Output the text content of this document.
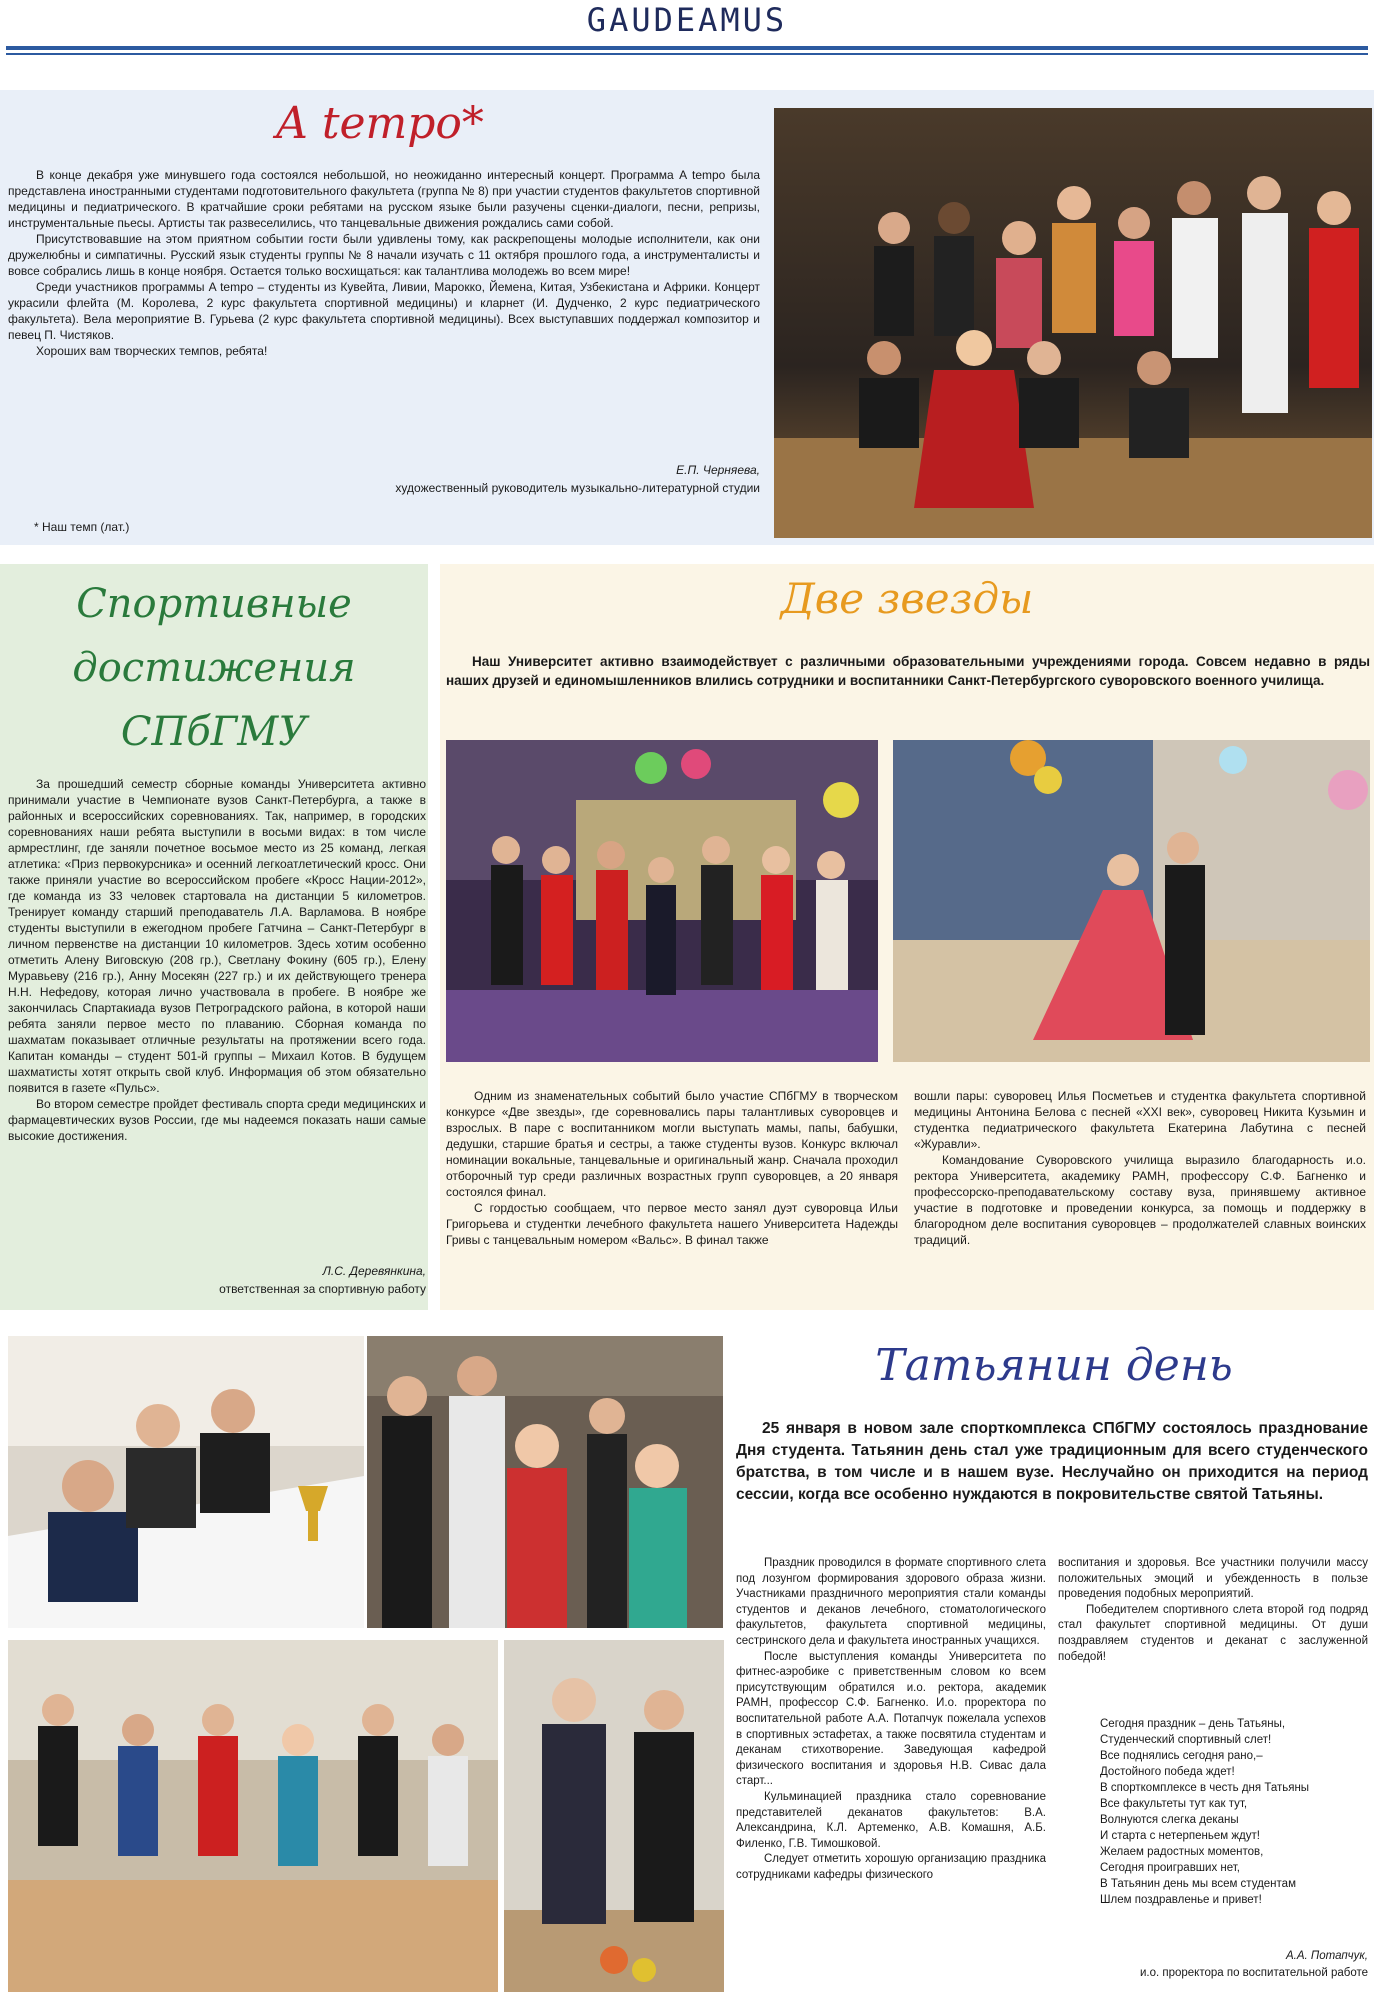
GAUDEAMUS
A tempo*

В конце декабря уже минувшего года состоялся небольшой, но неожиданно интересный концерт. Программа A tempo была представлена иностранными студентами подготовительного факультета (группа № 8) при участии студентов факультетов спортивной медицины и педиатрического. В кратчайшие сроки ребятами на русском языке были разучены сценки-диалоги, песни, репризы, инструментальные пьесы. Артисты так развеселились, что танцевальные движения рождались сами собой.

Присутствовавшие на этом приятном событии гости были удивлены тому, как раскрепощены молодые исполнители, как они дружелюбны и симпатичны. Русский язык студенты группы № 8 начали изучать с 11 октября прошлого года, а инструменталисты и вовсе собрались лишь в конце ноября. Остается только восхищаться: как талантлива молодежь во всем мире!

Среди участников программы A tempo – студенты из Кувейта, Ливии, Марокко, Йемена, Китая, Узбекистана и Африки. Концерт украсили флейта (М. Королева, 2 курс факультета спортивной медицины) и кларнет (И. Дудченко, 2 курс педиатрического факультета). Вела мероприятие В. Гурьева (2 курс факультета спортивной медицины). Всех выступавших поддержал композитор и певец П. Чистяков.

Хороших вам творческих темпов, ребята!

Е.П. Черняева,
художественный руководитель музыкально-литературной студии
* Наш темп (лат.)
Спортивные
достижения
СПбГМУ

За прошедший семестр сборные команды Университета активно принимали участие в Чемпионате вузов Санкт-Петербурга, а также в районных и всероссийских соревнованиях. Так, например, в городских соревнованиях наши ребята выступили в восьми видах: в том числе армрестлинг, где заняли почетное восьмое место из 25 команд, легкая атлетика: «Приз первокурсника» и осенний легкоатлетический кросс. Они также приняли участие во всероссийском пробеге «Кросс Нации-2012», где команда из 33 человек стартовала на дистанции 5 километров. Тренирует команду старший преподаватель Л.А. Варламова. В ноябре студенты выступили в ежегодном пробеге Гатчина – Санкт-Петербург в личном первенстве на дистанции 10 километров. Здесь хотим особенно отметить Алену Виговскую (208 гр.), Светлану Фокину (605 гр.), Елену Муравьеву (216 гр.), Анну Мосекян (227 гр.) и их действующего тренера Н.Н. Нефедову, которая лично участвовала в пробеге. В ноябре же закончилась Спартакиада вузов Петроградского района, в которой наши ребята заняли первое место по плаванию. Сборная команда по шахматам показывает отличные результаты на протяжении всего года. Капитан команды – студент 501-й группы – Михаил Котов. В будущем шахматисты хотят открыть свой клуб. Информация об этом обязательно появится в газете «Пульс».

Во втором семестре пройдет фестиваль спорта среди медицинских и фармацевтических вузов России, где мы надеемся показать наши самые высокие достижения.

Л.С. Деревянкина,
ответственная за спортивную работу
Две звезды
Наш Университет активно взаимодействует с различными образовательными учреждениями города. Совсем недавно в ряды наших друзей и единомышленников влились сотрудники и воспитанники Санкт-Петербургского суворовского военного училища.

Одним из знаменательных событий было участие СПбГМУ в творческом конкурсе «Две звезды», где соревновались пары талантливых суворовцев и взрослых. В паре с воспитанником могли выступать мамы, папы, бабушки, дедушки, старшие братья и сестры, а также студенты вузов. Конкурс включал номинации вокальные, танцевальные и оригинальный жанр. Сначала проходил отборочный тур среди различных возрастных групп суворовцев, а 20 января состоялся финал.

С гордостью сообщаем, что первое место занял дуэт суворовца Ильи Григорьева и студентки лечебного факультета нашего Университета Надежды Гривы с танцевальным номером «Вальс». В финал также

вошли пары: суворовец Илья Посметьев и студентка факультета спортивной медицины Антонина Белова с песней «XXI век», суворовец Никита Кузьмин и студентка педиатрического факультета Екатерина Лабутина с песней «Журавли».

Командование Суворовского училища выразило благодарность и.о. ректора Университета, академику РАМН, профессору С.Ф. Багненко и профессорско-преподавательскому составу вуза, принявшему активное участие в подготовке и проведении конкурса, за помощь и поддержку в благородном деле воспитания суворовцев – продолжателей славных воинских традиций.

Татьянин день
25 января в новом зале спорткомплекса СПбГМУ состоялось празднование Дня студента. Татьянин день стал уже традиционным для всего студенческого братства, в том числе и в нашем вузе. Неслучайно он приходится на период сессии, когда все особенно нуждаются в покровительстве святой Татьяны.

Праздник проводился в формате спортивного слета под лозунгом формирования здорового образа жизни. Участниками праздничного мероприятия стали команды студентов и деканов лечебного, стоматологического факультетов, факультета спортивной медицины, сестринского дела и факультета иностранных учащихся.

После выступления команды Университета по фитнес-аэробике с приветственным словом ко всем присутствующим обратился и.о. ректора, академик РАМН, профессор С.Ф. Багненко. И.о. проректора по воспитательной работе А.А. Потапчук пожелала успехов в спортивных эстафетах, а также посвятила студентам и деканам стихотворение. Заведующая кафедрой физического воспитания и здоровья Н.В. Сивас дала старт...

Кульминацией праздника стало соревнование представителей деканатов факультетов: В.А. Александрина, К.Л. Артеменко, А.В. Комашня, А.Б. Филенко, Г.В. Тимошковой.

Следует отметить хорошую организацию праздника сотрудниками кафедры физического

воспитания и здоровья. Все участники получили массу положительных эмоций и убежденность в пользе проведения подобных мероприятий.

Победителем спортивного слета второй год подряд стал факультет спортивной медицины. От души поздравляем студентов и деканат с заслуженной победой!

Сегодня праздник – день Татьяны,
Студенческий спортивный слет!
Все поднялись сегодня рано,–
Достойного победа ждет!
В спорткомплексе в честь дня Татьяны
Все факультеты тут как тут,
Волнуются слегка деканы
И старта с нетерпеньем ждут!
Желаем радостных моментов,
Сегодня проигравших нет,
В Татьянин день мы всем студентам
Шлем поздравленье и привет!
А.А. Потапчук,
и.о. проректора по воспитательной работе
